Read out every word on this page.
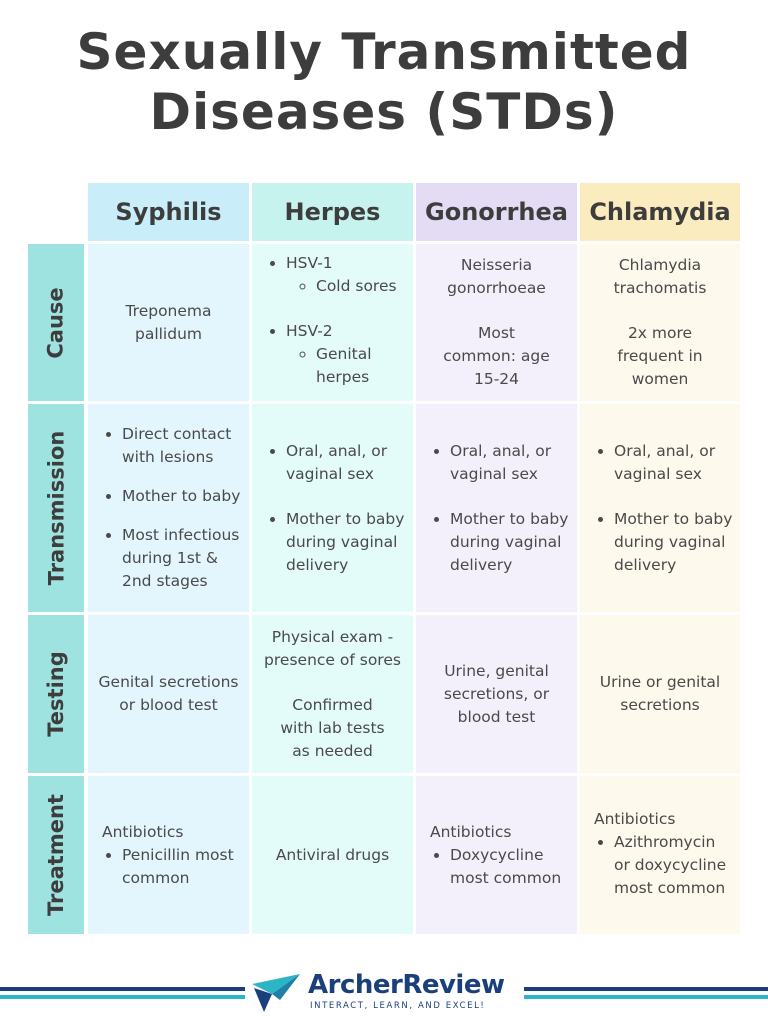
Sexually Transmitted
Diseases (STDs)
Syphilis	Herpes	Gonorrhea Chlamydia
Cause
Transmission
Testing
Treatment
Treponema pallidum
• HSV-1
◦ Cold sores
• HSV-2
◦ Genital herpes
Neisseria gonorrhoeae
Most common: age 15-24
Chlamydia trachomatis
2x more frequent in women
• Direct contact with lesions
• Mother to baby
• Most infectious during 1st & 2nd stages
• Oral, anal, or vaginal sex
• Mother to baby during vaginal delivery
• Oral, anal, or vaginal sex
• Mother to baby during vaginal delivery
• Oral, anal, or vaginal sex
• Mother to baby during vaginal delivery
Genital secretions or blood test
Physical exam - presence of sores
Confirmed with lab tests as needed
Urine, genital secretions, or blood test
Urine or genital secretions
Antibiotics
• Penicillin most common
Antiviral drugs
Antibiotics
• Doxycycline most common
Antibiotics
• Azithromycin or doxycycline most common
ArcherReview
INTERACT, LEARN, AND EXCEL!
